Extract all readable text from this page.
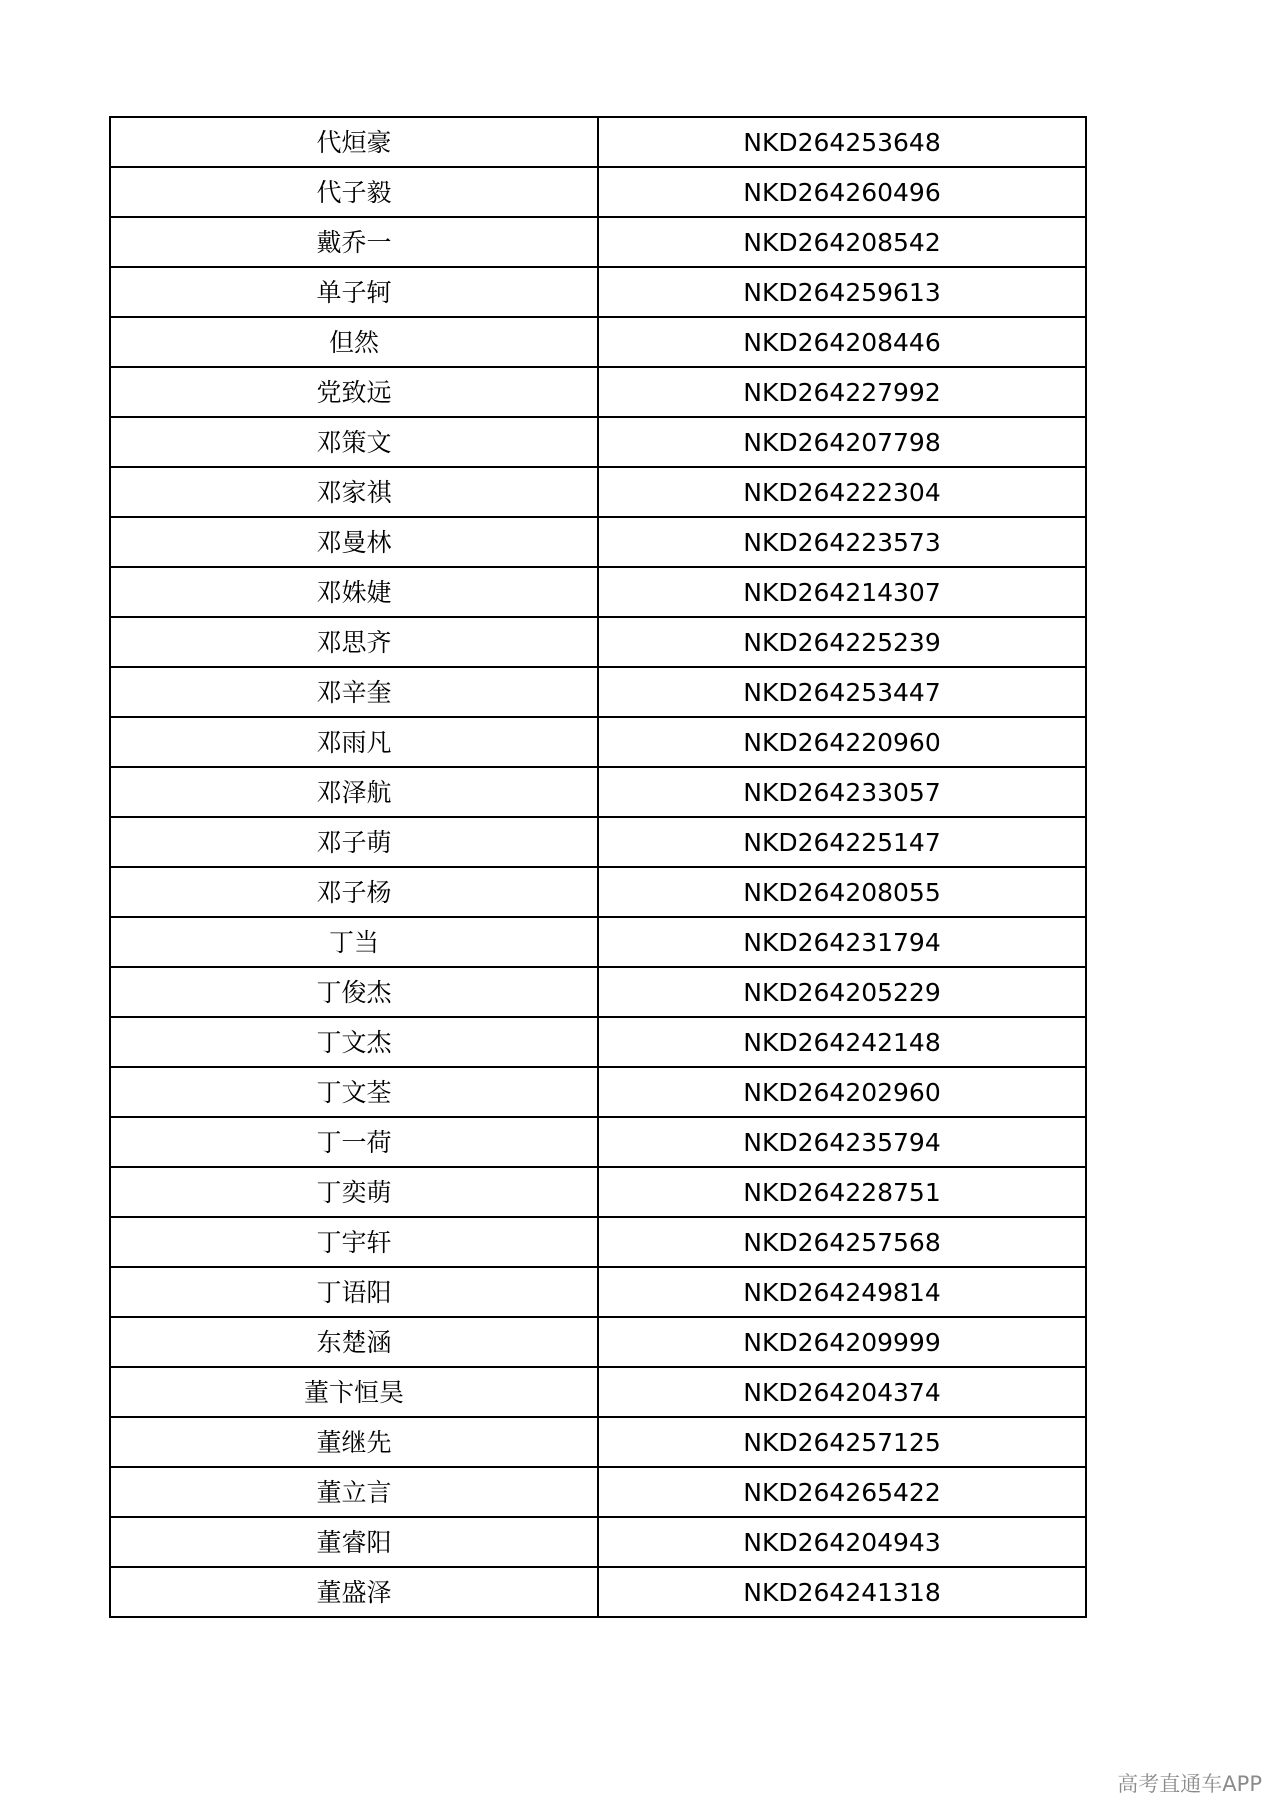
代烜豪	NKD264253648
代子毅	NKD264260496
戴乔一	NKD264208542
单子轲	NKD264259613
但然	NKD264208446
党致远	NKD264227992
邓策文	NKD264207798
邓家祺	NKD264222304
邓曼林	NKD264223573
邓姝婕	NKD264214307
邓思齐	NKD264225239
邓辛奎	NKD264253447
邓雨凡	NKD264220960
邓泽航	NKD264233057
邓子萌	NKD264225147
邓子杨	NKD264208055
丁当	NKD264231794
丁俊杰	NKD264205229
丁文杰	NKD264242148
丁文荃	NKD264202960
丁一荷	NKD264235794
丁奕萌	NKD264228751
丁宇轩	NKD264257568
丁语阳	NKD264249814
东楚涵	NKD264209999
董卞恒昊	NKD264204374
董继先	NKD264257125
董立言	NKD264265422
董睿阳	NKD264204943
董盛泽	NKD264241318
高考直通车APP
